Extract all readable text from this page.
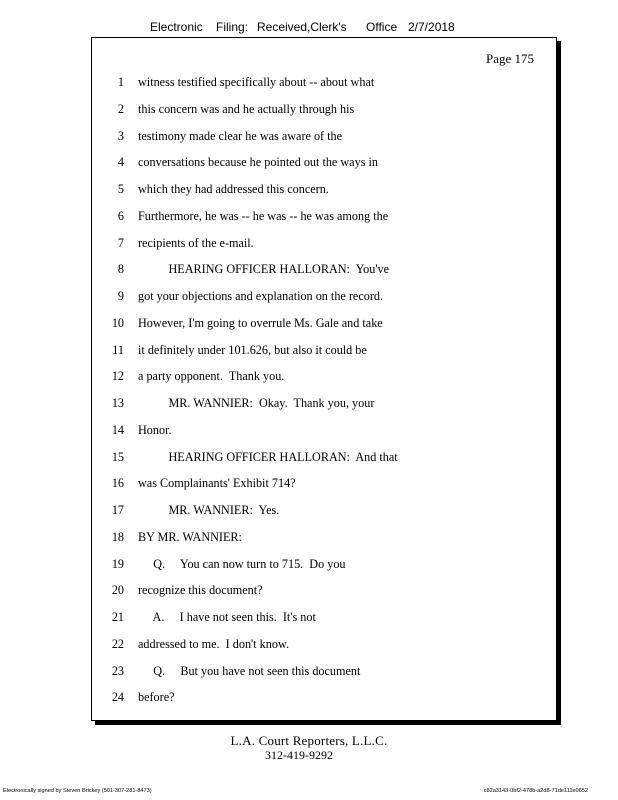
Electronic Filing: Received,Clerk's Office 2/7/2018
Page 175
1 witness testified specifically about -- about what
2 this concern was and he actually through his
3 testimony made clear he was aware of the
4 conversations because he pointed out the ways in
5 which they had addressed this concern.
6 Furthermore, he was -- he was -- he was among the
7 recipients of the e-mail.
8 HEARING OFFICER HALLORAN:  You've
9 got your objections and explanation on the record.
10 However, I'm going to overrule Ms. Gale and take
11 it definitely under 101.626, but also it could be
12 a party opponent.  Thank you.
13 MR. WANNIER:  Okay.  Thank you, your
14 Honor.
15 HEARING OFFICER HALLORAN:  And that
16 was Complainants' Exhibit 714?
17 MR. WANNIER:  Yes.
18 BY MR. WANNIER:
19 Q.     You can now turn to 715.  Do you
20 recognize this document?
21 A.     I have not seen this.  It's not
22 addressed to me.  I don't know.
23 Q.     But you have not seen this document
24 before?
L.A. Court Reporters, L.L.C.
312-419-9292
Electronically signed by Steven Brickey (501-307-281-8473)	c82a3143-0bf2-478b-a2d8-71de111e0652
